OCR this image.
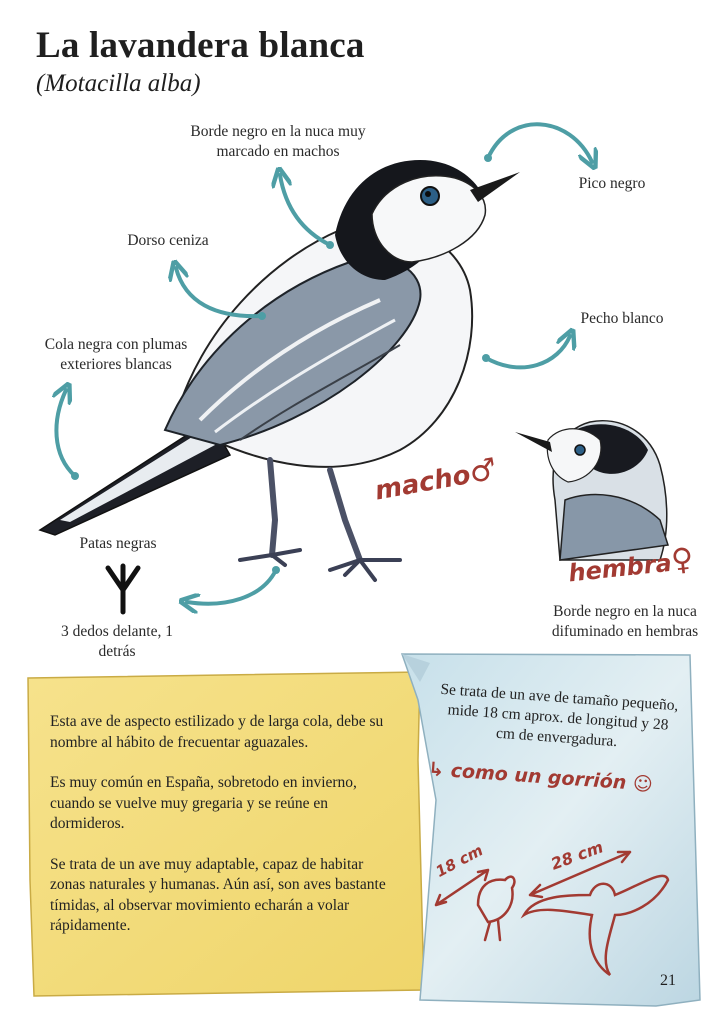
La lavandera blanca
(Motacilla alba)
Borde negro en la nuca muy marcado en machos
Pico negro
Dorso ceniza
Pecho blanco
Cola negra con plumas exteriores blancas
Patas negras
3 dedos delante, 1 detrás
Borde negro en la nuca difuminado en hembras
macho♂
hembra♀
↳ como un gorrión ☺
18 cm	28 cm

Esta ave de aspecto estilizado y de larga cola, debe su nombre al hábito de frecuentar aguazales.

Es muy común en España, sobretodo en invierno, cuando se vuelve muy gregaria y se reúne en dormideros.

Se trata de un ave muy adaptable, capaz de habitar zonas naturales y humanas. Aún así, son aves bastante tímidas, al observar movimiento echarán a volar rápidamente.

Se trata de un ave de tamaño pequeño, mide 18 cm aprox. de longitud y 28 cm de envergadura.
21
